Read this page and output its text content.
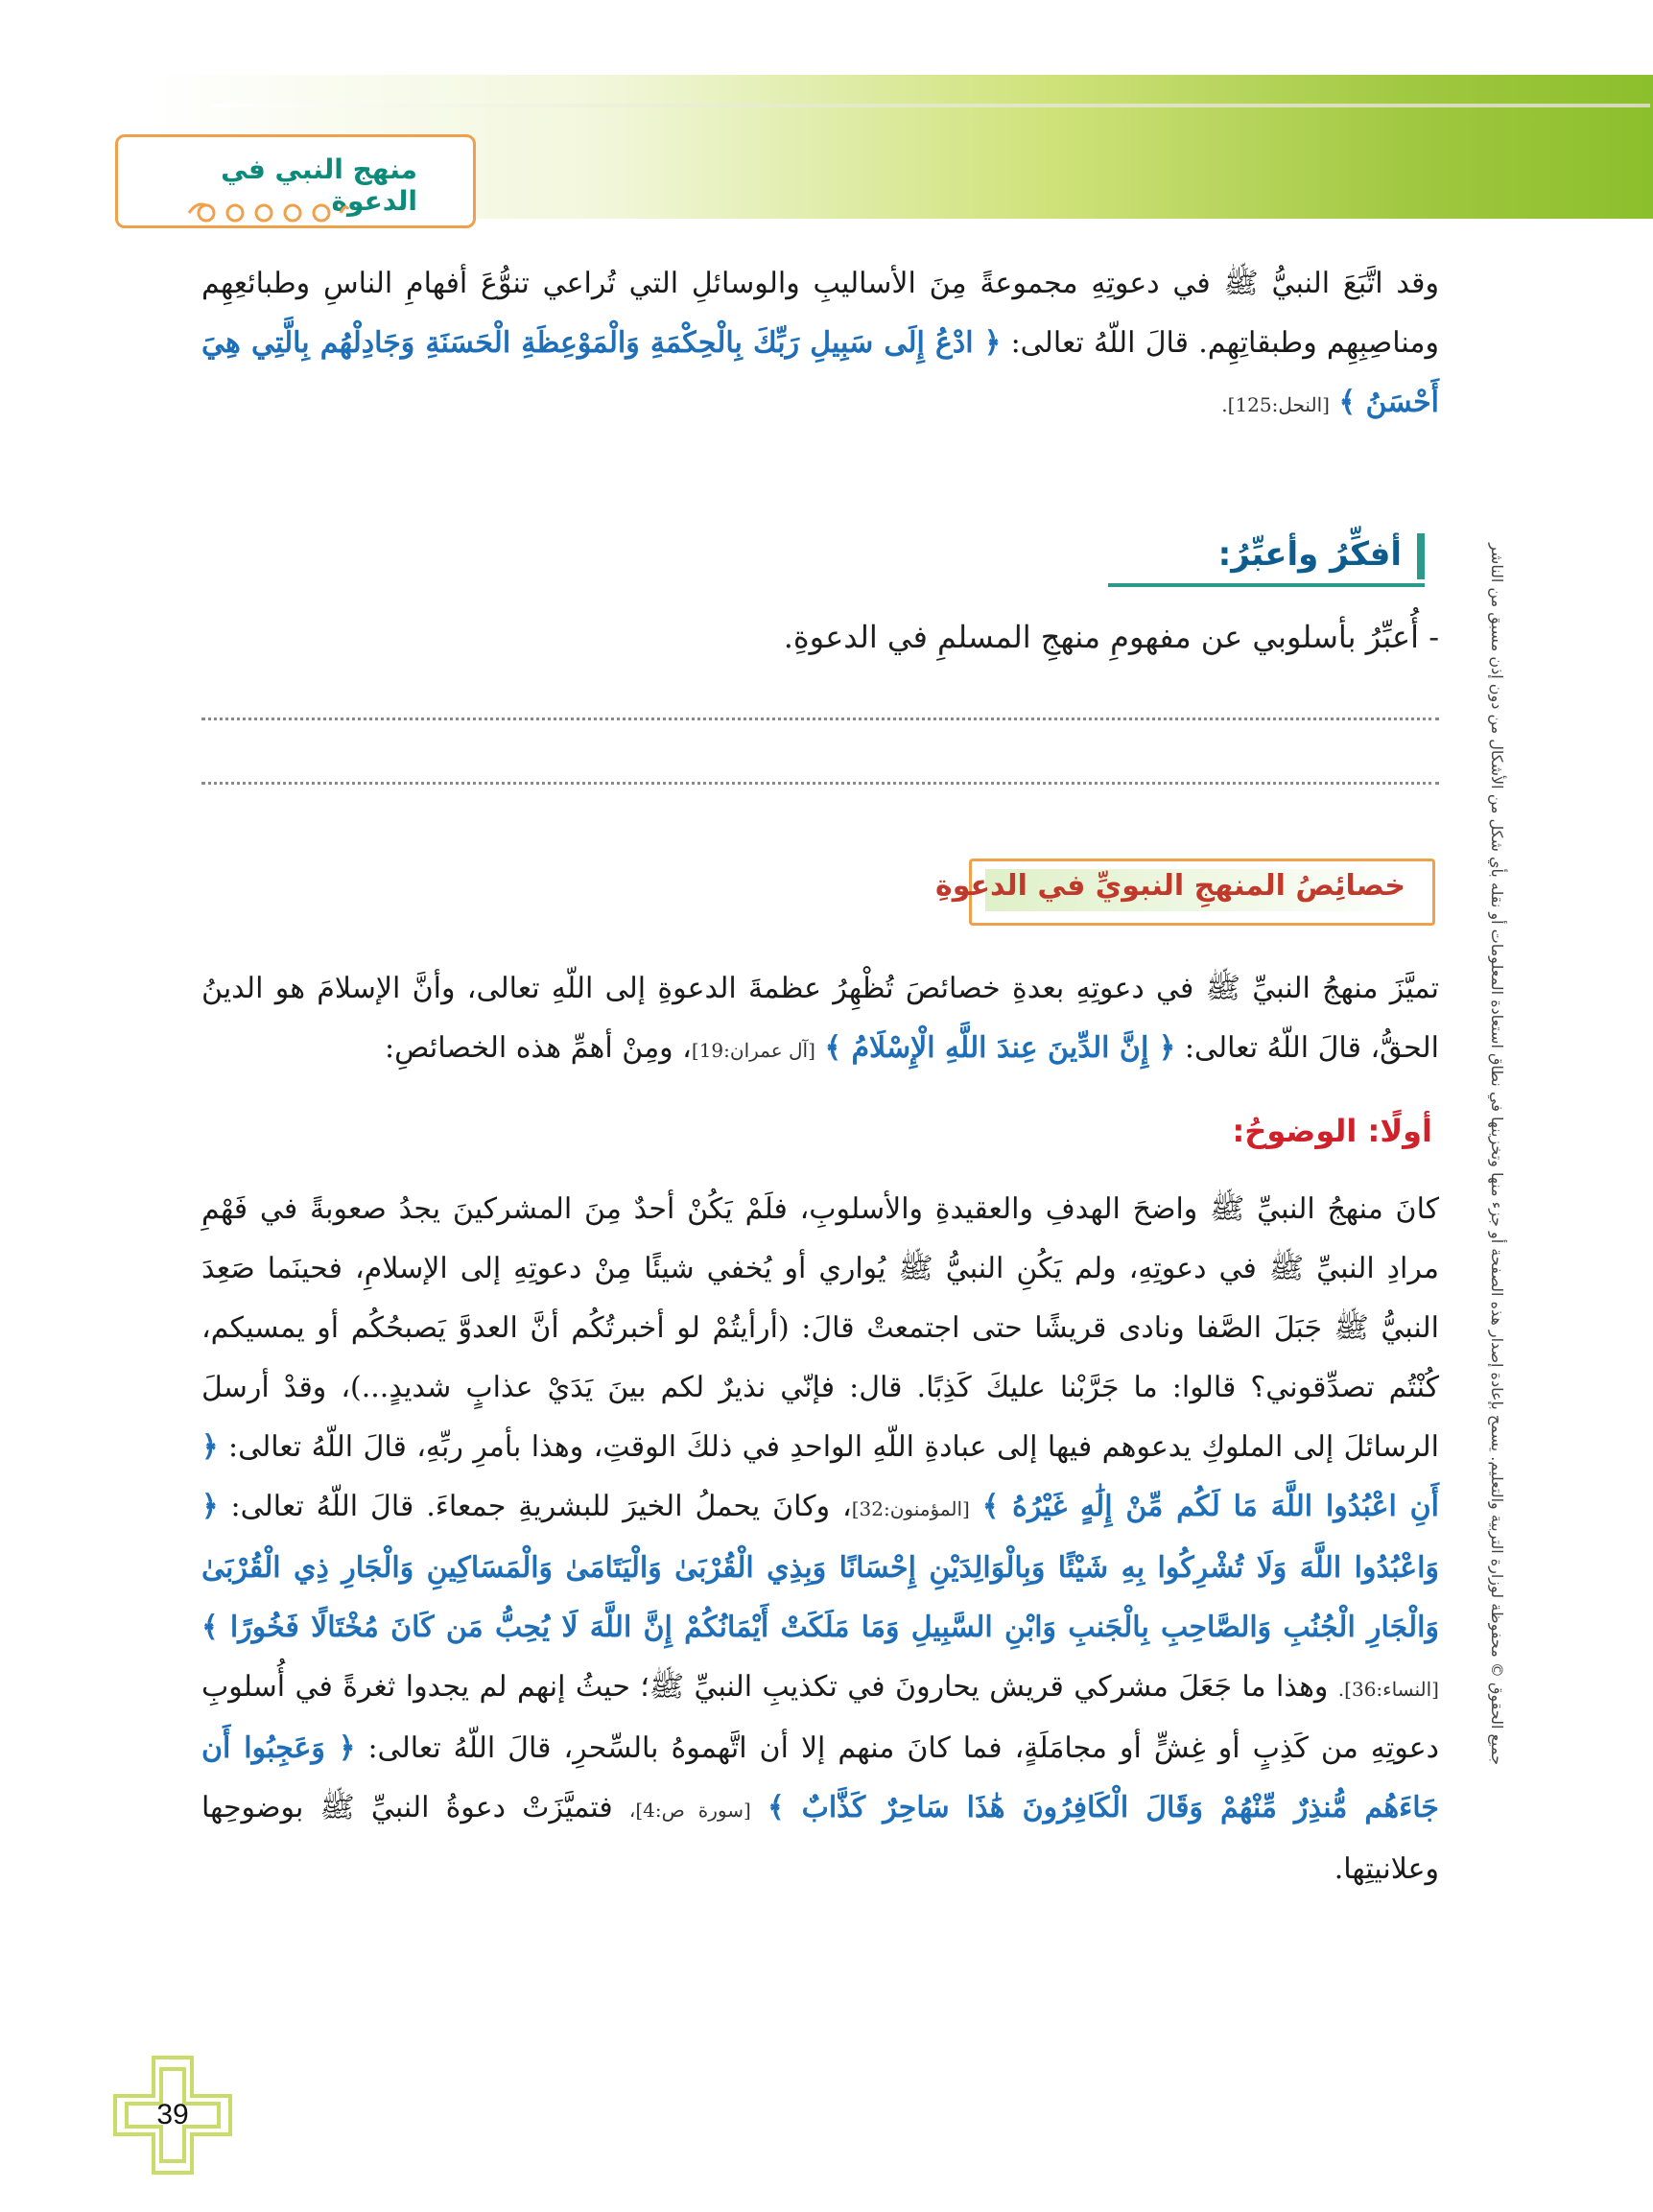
منهج النبي في الدعوة
جميع الحقوق © محفوظة لوزارة التربية والتعليم. يسمح بإعادة إصدار هذه الصفحة أو جزء منها وتخزينها في نطاق استعادة المعلومات أو نقله بأي شكل من الأشكال من دون إذن مسبق من الناشر
وقد اتَّبَعَ النبيُّ ﷺ في دعوتِهِ مجموعةً مِنَ الأساليبِ والوسائلِ التي تُراعي تنوُّعَ أفهامِ الناسِ وطبائعِهِم ومناصِبِهِم وطبقاتِهِم. قالَ اللّهُ تعالى: ﴿ ادْعُ إِلَى سَبِيلِ رَبِّكَ بِالْحِكْمَةِ وَالْمَوْعِظَةِ الْحَسَنَةِ وَجَادِلْهُم بِالَّتِي هِيَ أَحْسَنُ ﴾ [النحل:125].
أفكِّرُ وأعبِّرُ:
- أُعبِّرُ بأسلوبي عن مفهومِ منهجِ المسلمِ في الدعوةِ.
خصائِصُ المنهجِ النبويِّ في الدعوةِ
تميَّزَ منهجُ النبيِّ ﷺ في دعوتِهِ بعدةِ خصائصَ تُظْهِرُ عظمةَ الدعوةِ إلى اللّهِ تعالى، وأنَّ الإسلامَ هو الدينُ الحقُّ، قالَ اللّهُ تعالى: ﴿ إِنَّ الدِّينَ عِندَ اللَّهِ الْإِسْلَامُ ﴾ [آل عمران:19]، ومِنْ أهمِّ هذه الخصائصِ:
أولًا: الوضوحُ:
كانَ منهجُ النبيِّ ﷺ واضحَ الهدفِ والعقيدةِ والأسلوبِ، فلَمْ يَكُنْ أحدٌ مِنَ المشركينَ يجدُ صعوبةً في فَهْمِ مرادِ النبيِّ ﷺ في دعوتِهِ، ولم يَكُنِ النبيُّ ﷺ يُواري أو يُخفي شيئًا مِنْ دعوتِهِ إلى الإسلامِ، فحينَما صَعِدَ النبيُّ ﷺ جَبَلَ الصَّفا ونادى قريشًا حتى اجتمعتْ قالَ: (أرأيتُمْ لو أخبرتُكُم أنَّ العدوَّ يَصبحُكُم أو يمسيكم، كُنْتُم تصدِّقوني؟ قالوا: ما جَرَّبْنا عليكَ كَذِبًا. قال: فإنّي نذيرٌ لكم بينَ يَدَيْ عذابٍ شديدٍ...)، وقدْ أرسلَ الرسائلَ إلى الملوكِ يدعوهم فيها إلى عبادةِ اللّهِ الواحدِ في ذلكَ الوقتِ، وهذا بأمرِ ربِّهِ، قالَ اللّهُ تعالى: ﴿ أَنِ اعْبُدُوا اللَّهَ مَا لَكُم مِّنْ إِلَٰهٍ غَيْرُهُ ﴾ [المؤمنون:32]، وكانَ يحملُ الخيرَ للبشريةِ جمعاءَ. قالَ اللّهُ تعالى: ﴿ وَاعْبُدُوا اللَّهَ وَلَا تُشْرِكُوا بِهِ شَيْئًا وَبِالْوَالِدَيْنِ إِحْسَانًا وَبِذِي الْقُرْبَىٰ وَالْيَتَامَىٰ وَالْمَسَاكِينِ وَالْجَارِ ذِي الْقُرْبَىٰ وَالْجَارِ الْجُنُبِ وَالصَّاحِبِ بِالْجَنبِ وَابْنِ السَّبِيلِ وَمَا مَلَكَتْ أَيْمَانُكُمْ إِنَّ اللَّهَ لَا يُحِبُّ مَن كَانَ مُخْتَالًا فَخُورًا ﴾ [النساء:36]. وهذا ما جَعَلَ مشركي قريش يحارونَ في تكذيبِ النبيِّ ﷺ؛ حيثُ إنهم لم يجدوا ثغرةً في أُسلوبِ دعوتِهِ من كَذِبٍ أو غِشٍّ أو مجامَلَةٍ، فما كانَ منهم إلا أن اتَّهموهُ بالسِّحرِ، قالَ اللّهُ تعالى: ﴿ وَعَجِبُوا أَن جَاءَهُم مُّنذِرٌ مِّنْهُمْ وَقَالَ الْكَافِرُونَ هَٰذَا سَاحِرٌ كَذَّابٌ ﴾ [سورة ص:4]، فتميَّزَتْ دعوةُ النبيِّ ﷺ بوضوحِها وعلانيتِها.
39
